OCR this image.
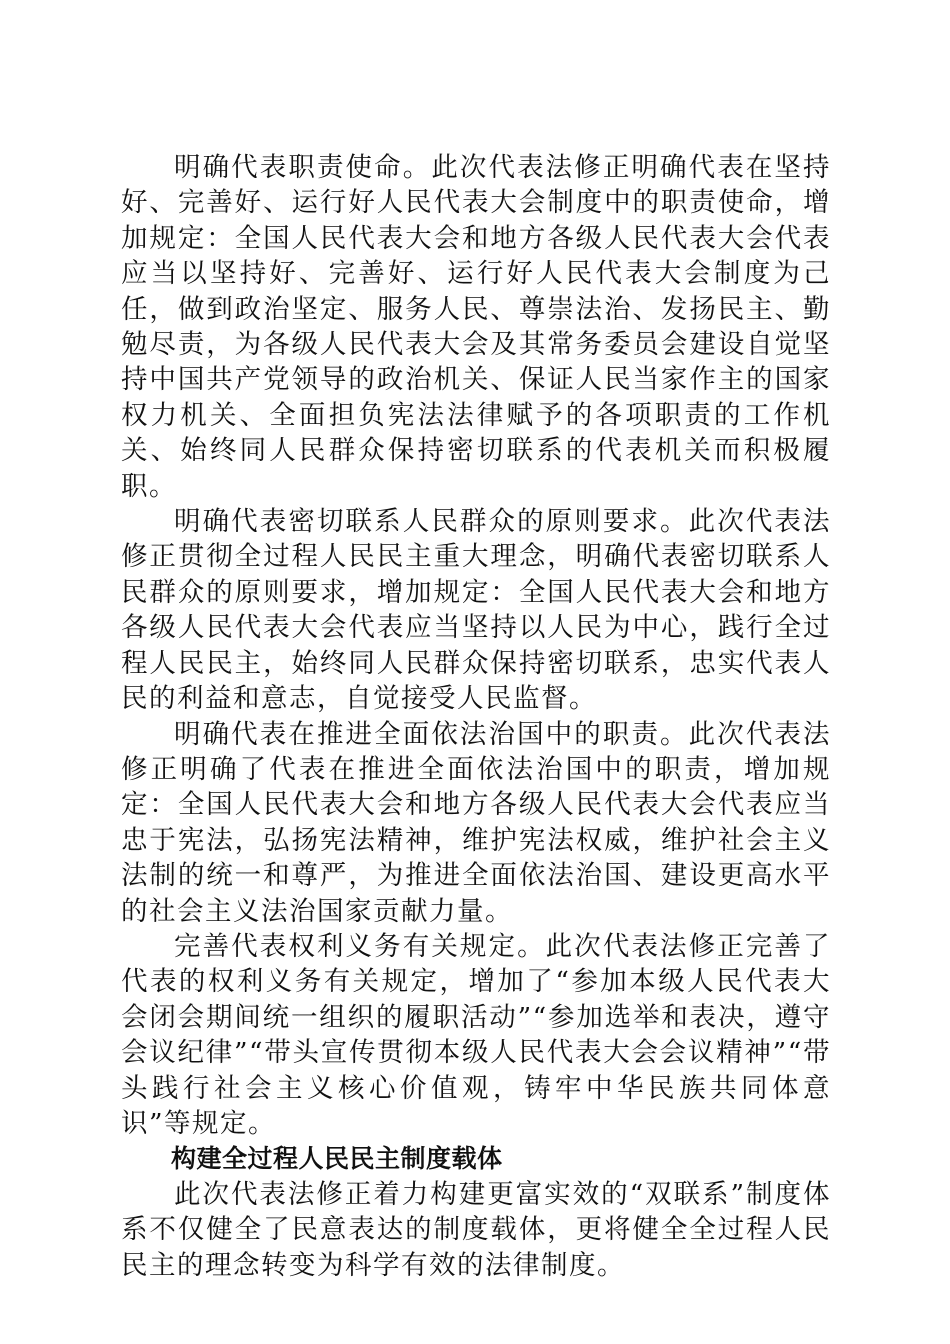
明确代表职责使命。此次代表法修正明确代表在坚持好、完善好、运行好人民代表大会制度中的职责使命，增加规定：全国人民代表大会和地方各级人民代表大会代表应当以坚持好、完善好、运行好人民代表大会制度为己任，做到政治坚定、服务人民、尊崇法治、发扬民主、勤勉尽责，为各级人民代表大会及其常务委员会建设自觉坚持中国共产党领导的政治机关、保证人民当家作主的国家权力机关、全面担负宪法法律赋予的各项职责的工作机关、始终同人民群众保持密切联系的代表机关而积极履职。

明确代表密切联系人民群众的原则要求。此次代表法修正贯彻全过程人民民主重大理念，明确代表密切联系人民群众的原则要求，增加规定：全国人民代表大会和地方各级人民代表大会代表应当坚持以人民为中心，践行全过程人民民主，始终同人民群众保持密切联系，忠实代表人民的利益和意志，自觉接受人民监督。

明确代表在推进全面依法治国中的职责。此次代表法修正明确了代表在推进全面依法治国中的职责，增加规定：全国人民代表大会和地方各级人民代表大会代表应当忠于宪法，弘扬宪法精神，维护宪法权威，维护社会主义法制的统一和尊严，为推进全面依法治国、建设更高水平的社会主义法治国家贡献力量。

完善代表权利义务有关规定。此次代表法修正完善了代表的权利义务有关规定，增加了“参加本级人民代表大会闭会期间统一组织的履职活动”“参加选举和表决，遵守会议纪律”“带头宣传贯彻本级人民代表大会会议精神”“带头践行社会主义核心价值观，铸牢中华民族共同体意识”等规定。

构建全过程人民民主制度载体

此次代表法修正着力构建更富实效的“双联系”制度体系不仅健全了民意表达的制度载体，更将健全全过程人民民主的理念转变为科学有效的法律制度。
